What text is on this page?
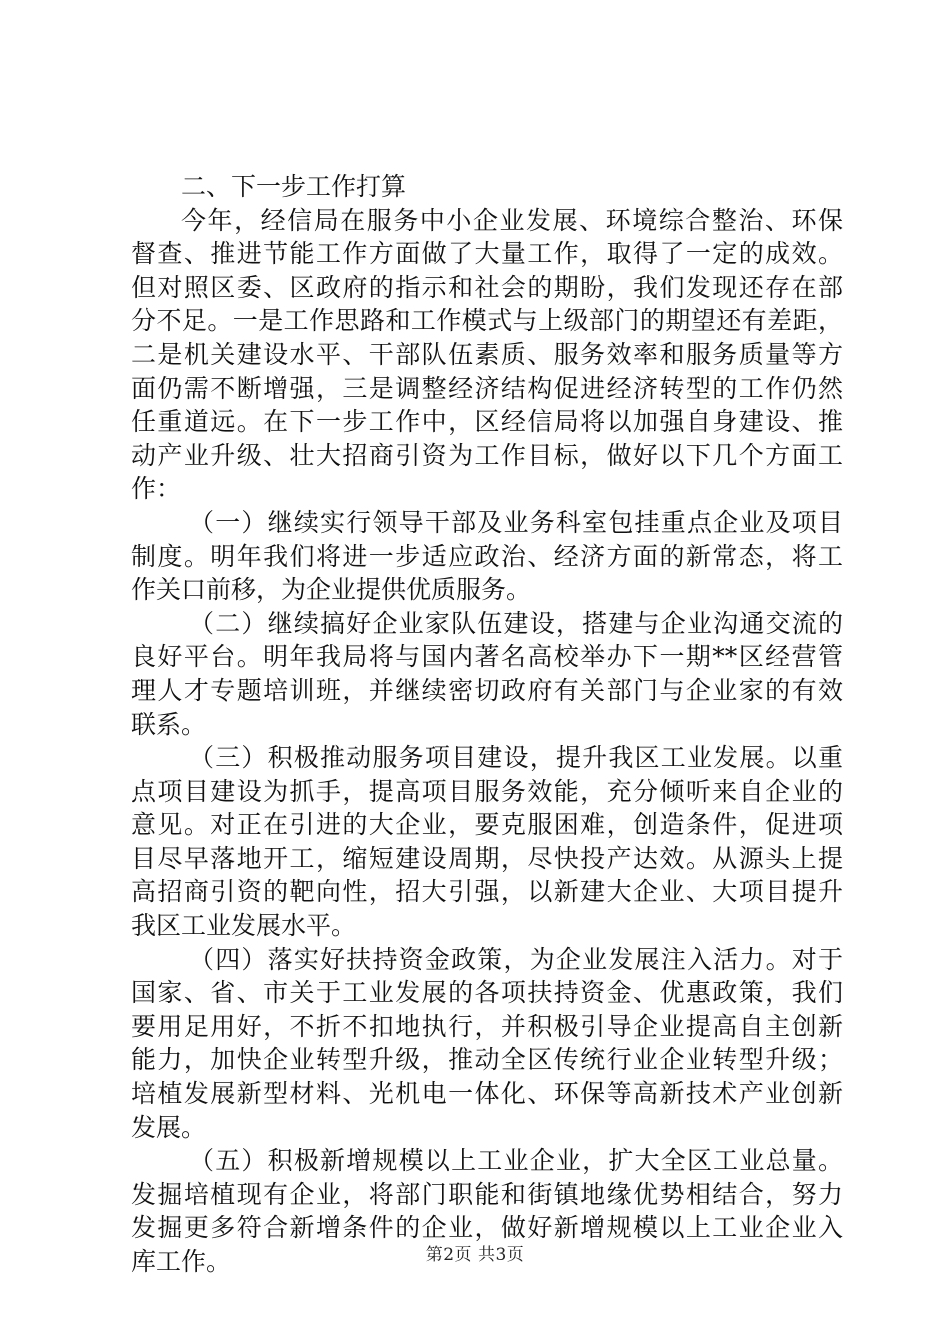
二、下一步工作打算
今年，经信局在服务中小企业发展、环境综合整治、环保
督查、推进节能工作方面做了大量工作，取得了一定的成效。
但对照区委、区政府的指示和社会的期盼，我们发现还存在部
分不足。一是工作思路和工作模式与上级部门的期望还有差距，
二是机关建设水平、干部队伍素质、服务效率和服务质量等方
面仍需不断增强，三是调整经济结构促进经济转型的工作仍然
任重道远。在下一步工作中，区经信局将以加强自身建设、推
动产业升级、壮大招商引资为工作目标，做好以下几个方面工
作：
（一）继续实行领导干部及业务科室包挂重点企业及项目
制度。明年我们将进一步适应政治、经济方面的新常态，将工
作关口前移，为企业提供优质服务。
（二）继续搞好企业家队伍建设，搭建与企业沟通交流的
良好平台。明年我局将与国内著名高校举办下一期**区经营管
理人才专题培训班，并继续密切政府有关部门与企业家的有效
联系。
（三）积极推动服务项目建设，提升我区工业发展。以重
点项目建设为抓手，提高项目服务效能，充分倾听来自企业的
意见。对正在引进的大企业，要克服困难，创造条件，促进项
目尽早落地开工，缩短建设周期，尽快投产达效。从源头上提
高招商引资的靶向性，招大引强，以新建大企业、大项目提升
我区工业发展水平。
（四）落实好扶持资金政策，为企业发展注入活力。对于
国家、省、市关于工业发展的各项扶持资金、优惠政策，我们
要用足用好，不折不扣地执行，并积极引导企业提高自主创新
能力，加快企业转型升级，推动全区传统行业企业转型升级；
培植发展新型材料、光机电一体化、环保等高新技术产业创新
发展。
（五）积极新增规模以上工业企业，扩大全区工业总量。
发掘培植现有企业，将部门职能和街镇地缘优势相结合，努力
发掘更多符合新增条件的企业，做好新增规模以上工业企业入
库工作。	第2页 共3页
